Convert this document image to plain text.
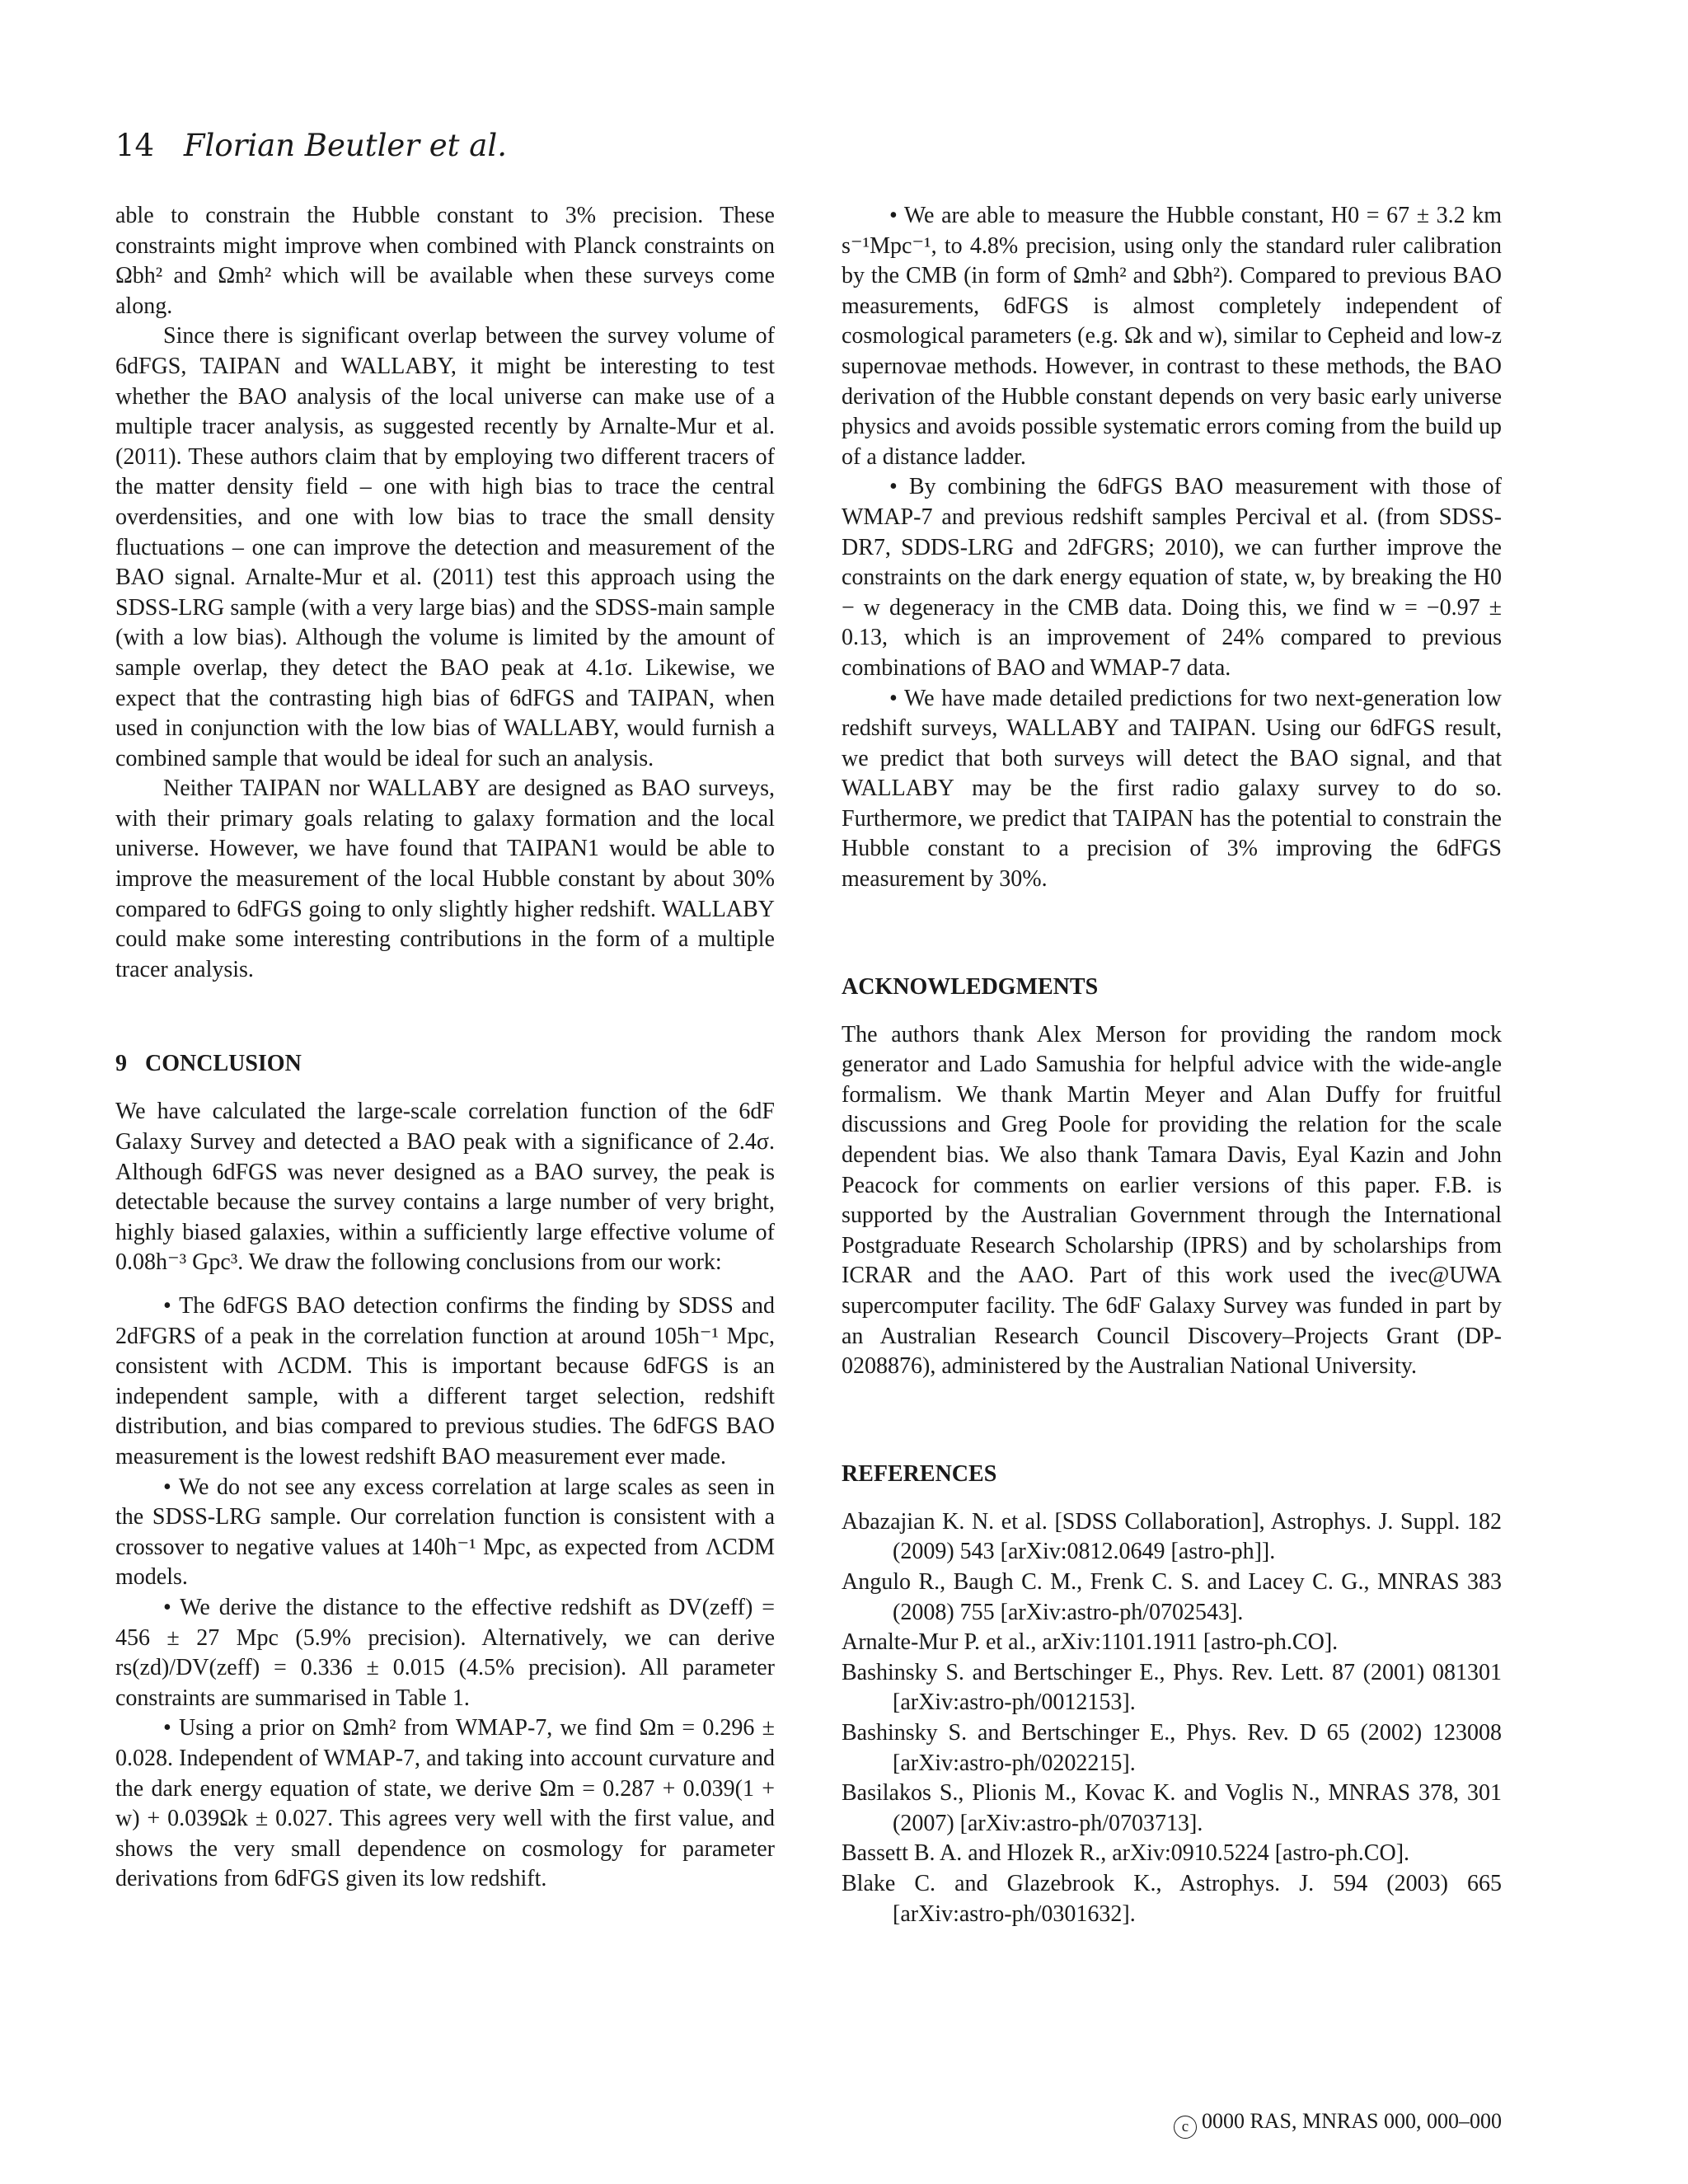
14 Florian Beutler et al.

able to constrain the Hubble constant to 3% precision. These constraints might improve when combined with Planck constraints on Ωbh² and Ωmh² which will be available when these surveys come along.

Since there is significant overlap between the survey volume of 6dFGS, TAIPAN and WALLABY, it might be interesting to test whether the BAO analysis of the local universe can make use of a multiple tracer analysis, as suggested recently by Arnalte-Mur et al. (2011). These authors claim that by employing two different tracers of the matter density field – one with high bias to trace the central overdensities, and one with low bias to trace the small density fluctuations – one can improve the detection and measurement of the BAO signal. Arnalte-Mur et al. (2011) test this approach using the SDSS-LRG sample (with a very large bias) and the SDSS-main sample (with a low bias). Although the volume is limited by the amount of sample overlap, they detect the BAO peak at 4.1σ. Likewise, we expect that the contrasting high bias of 6dFGS and TAIPAN, when used in conjunction with the low bias of WALLABY, would furnish a combined sample that would be ideal for such an analysis.

Neither TAIPAN nor WALLABY are designed as BAO surveys, with their primary goals relating to galaxy formation and the local universe. However, we have found that TAIPAN1 would be able to improve the measurement of the local Hubble constant by about 30% compared to 6dFGS going to only slightly higher redshift. WALLABY could make some interesting contributions in the form of a multiple tracer analysis.

9 CONCLUSION

We have calculated the large-scale correlation function of the 6dF Galaxy Survey and detected a BAO peak with a significance of 2.4σ. Although 6dFGS was never designed as a BAO survey, the peak is detectable because the survey contains a large number of very bright, highly biased galaxies, within a sufficiently large effective volume of 0.08h⁻³ Gpc³. We draw the following conclusions from our work:

• The 6dFGS BAO detection confirms the finding by SDSS and 2dFGRS of a peak in the correlation function at around 105h⁻¹ Mpc, consistent with ΛCDM. This is important because 6dFGS is an independent sample, with a different target selection, redshift distribution, and bias compared to previous studies. The 6dFGS BAO measurement is the lowest redshift BAO measurement ever made.

• We do not see any excess correlation at large scales as seen in the SDSS-LRG sample. Our correlation function is consistent with a crossover to negative values at 140h⁻¹ Mpc, as expected from ΛCDM models.

• We derive the distance to the effective redshift as DV(zeff) = 456 ± 27 Mpc (5.9% precision). Alternatively, we can derive rs(zd)/DV(zeff) = 0.336 ± 0.015 (4.5% precision). All parameter constraints are summarised in Table 1.

• Using a prior on Ωmh² from WMAP-7, we find Ωm = 0.296 ± 0.028. Independent of WMAP-7, and taking into account curvature and the dark energy equation of state, we derive Ωm = 0.287 + 0.039(1 + w) + 0.039Ωk ± 0.027. This agrees very well with the first value, and shows the very small dependence on cosmology for parameter derivations from 6dFGS given its low redshift.

• We are able to measure the Hubble constant, H0 = 67 ± 3.2 km s⁻¹Mpc⁻¹, to 4.8% precision, using only the standard ruler calibration by the CMB (in form of Ωmh² and Ωbh²). Compared to previous BAO measurements, 6dFGS is almost completely independent of cosmological parameters (e.g. Ωk and w), similar to Cepheid and low-z supernovae methods. However, in contrast to these methods, the BAO derivation of the Hubble constant depends on very basic early universe physics and avoids possible systematic errors coming from the build up of a distance ladder.

• By combining the 6dFGS BAO measurement with those of WMAP-7 and previous redshift samples Percival et al. (from SDSS-DR7, SDDS-LRG and 2dFGRS; 2010), we can further improve the constraints on the dark energy equation of state, w, by breaking the H0 − w degeneracy in the CMB data. Doing this, we find w = −0.97 ± 0.13, which is an improvement of 24% compared to previous combinations of BAO and WMAP-7 data.

• We have made detailed predictions for two next-generation low redshift surveys, WALLABY and TAIPAN. Using our 6dFGS result, we predict that both surveys will detect the BAO signal, and that WALLABY may be the first radio galaxy survey to do so. Furthermore, we predict that TAIPAN has the potential to constrain the Hubble constant to a precision of 3% improving the 6dFGS measurement by 30%.

ACKNOWLEDGMENTS

The authors thank Alex Merson for providing the random mock generator and Lado Samushia for helpful advice with the wide-angle formalism. We thank Martin Meyer and Alan Duffy for fruitful discussions and Greg Poole for providing the relation for the scale dependent bias. We also thank Tamara Davis, Eyal Kazin and John Peacock for comments on earlier versions of this paper. F.B. is supported by the Australian Government through the International Postgraduate Research Scholarship (IPRS) and by scholarships from ICRAR and the AAO. Part of this work used the ivec@UWA supercomputer facility. The 6dF Galaxy Survey was funded in part by an Australian Research Council Discovery–Projects Grant (DP-0208876), administered by the Australian National University.

REFERENCES

Abazajian K. N. et al. [SDSS Collaboration], Astrophys. J. Suppl. 182 (2009) 543 [arXiv:0812.0649 [astro-ph]].

Angulo R., Baugh C. M., Frenk C. S. and Lacey C. G., MNRAS 383 (2008) 755 [arXiv:astro-ph/0702543].

Arnalte-Mur P. et al., arXiv:1101.1911 [astro-ph.CO].

Bashinsky S. and Bertschinger E., Phys. Rev. Lett. 87 (2001) 081301 [arXiv:astro-ph/0012153].

Bashinsky S. and Bertschinger E., Phys. Rev. D 65 (2002) 123008 [arXiv:astro-ph/0202215].

Basilakos S., Plionis M., Kovac K. and Voglis N., MNRAS 378, 301 (2007) [arXiv:astro-ph/0703713].

Bassett B. A. and Hlozek R., arXiv:0910.5224 [astro-ph.CO].

Blake C. and Glazebrook K., Astrophys. J. 594 (2003) 665 [arXiv:astro-ph/0301632].

c 0000 RAS, MNRAS 000, 000–000
